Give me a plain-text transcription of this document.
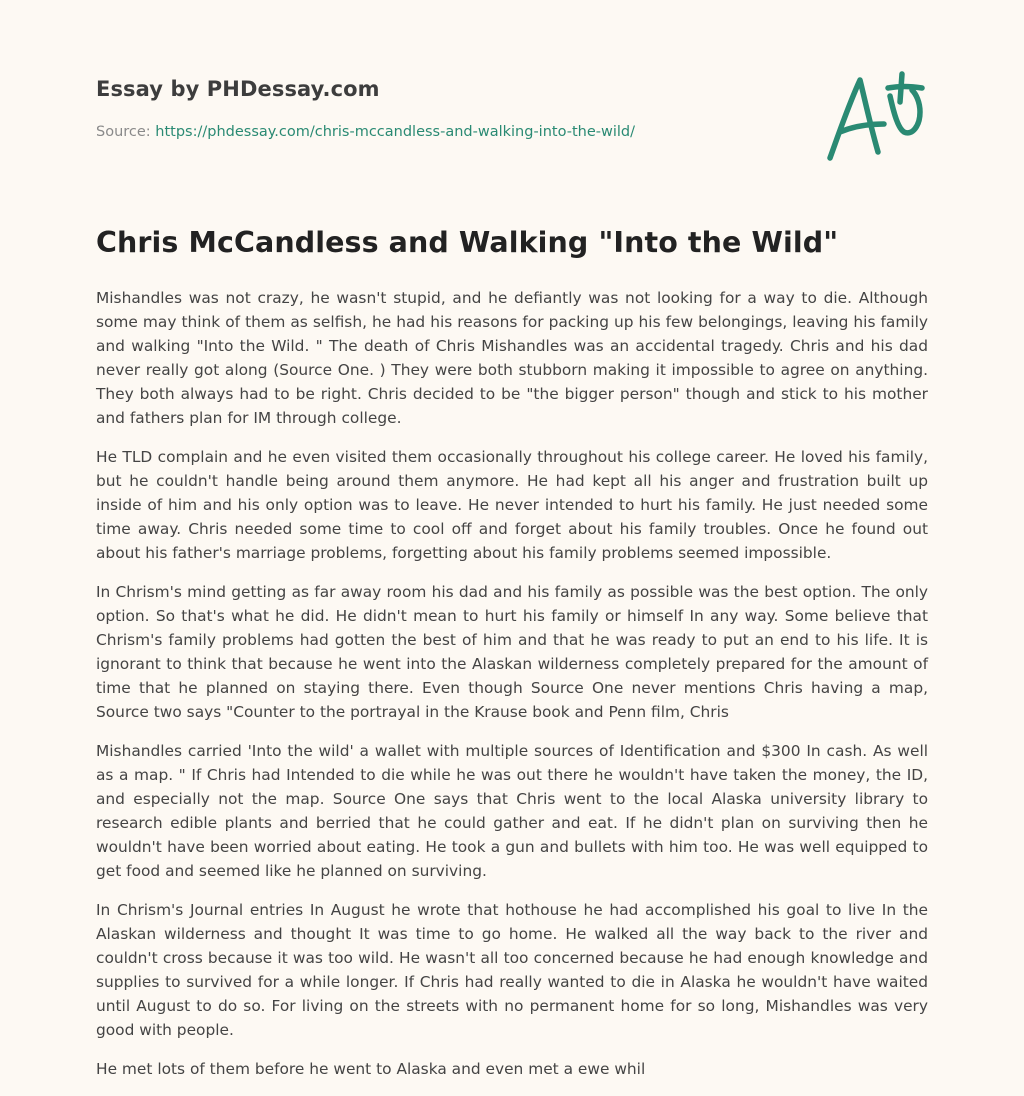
Essay by PHDessay.com
Source: https://phdessay.com/chris-mccandless-and-walking-into-the-wild/
Chris McCandless and Walking "Into the Wild"

Mishandles was not crazy, he wasn't stupid, and he defiantly was not looking for a way to die. Although some may think of them as selfish, he had his reasons for packing up his few belongings, leaving his family and walking "Into the Wild. " The death of Chris Mishandles was an accidental tragedy. Chris and his dad never really got along (Source One. ) They were both stubborn making it impossible to agree on anything. They both always had to be right. Chris decided to be "the bigger person" though and stick to his mother and fathers plan for IM through college.

He TLD complain and he even visited them occasionally throughout his college career. He loved his family, but he couldn't handle being around them anymore. He had kept all his anger and frustration built up inside of him and his only option was to leave. He never intended to hurt his family. He just needed some time away. Chris needed some time to cool off and forget about his family troubles. Once he found out about his father's marriage problems, forgetting about his family problems seemed impossible.

In Chrism's mind getting as far away room his dad and his family as possible was the best option. The only option. So that's what he did. He didn't mean to hurt his family or himself In any way. Some believe that Chrism's family problems had gotten the best of him and that he was ready to put an end to his life. It is ignorant to think that because he went into the Alaskan wilderness completely prepared for the amount of time that he planned on staying there. Even though Source One never mentions Chris having a map, Source two says "Counter to the portrayal in the Krause book and Penn film, Chris

Mishandles carried 'Into the wild' a wallet with multiple sources of Identification and $300 In cash. As well as a map. " If Chris had Intended to die while he was out there he wouldn't have taken the money, the ID, and especially not the map. Source One says that Chris went to the local Alaska university library to research edible plants and berried that he could gather and eat. If he didn't plan on surviving then he wouldn't have been worried about eating. He took a gun and bullets with him too. He was well equipped to get food and seemed like he planned on surviving.

In Chrism's Journal entries In August he wrote that hothouse he had accomplished his goal to live In the Alaskan wilderness and thought It was time to go home. He walked all the way back to the river and couldn't cross because it was too wild. He wasn't all too concerned because he had enough knowledge and supplies to survived for a while longer. If Chris had really wanted to die in Alaska he wouldn't have waited until August to do so. For living on the streets with no permanent home for so long, Mishandles was very good with people.

He met lots of them before he went to Alaska and even met a ewe whil
